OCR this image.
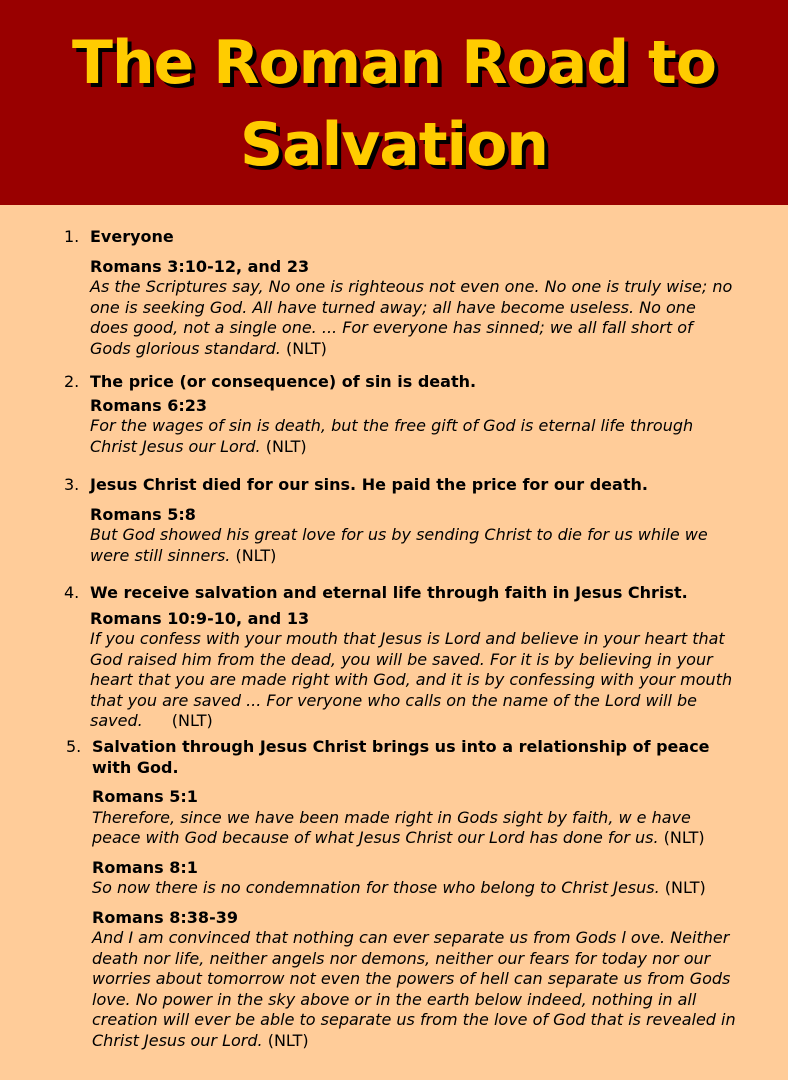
The Roman Road to
Salvation
1. Everyone
Romans 3:10-12, and 23
As the Scriptures say, No one is righteous not even one. No one is truly wise; no one is seeking God. All have turned away; all have become useless. No one does good, not a single one. ... For everyone has sinned; we all fall short of Gods glorious standard. (NLT)
2. The price (or consequence) of sin is death.
Romans 6:23
For the wages of sin is death, but the free gift of God is eternal life through Christ Jesus our Lord. (NLT)
3. Jesus Christ died for our sins. He paid the price for our death.
Romans 5:8
But God showed his great love for us by sending Christ to die for us while we were still sinners. (NLT)
4. We receive salvation and eternal life through faith in Jesus Christ.
Romans 10:9-10, and 13
If you confess with your mouth that Jesus is Lord and believe in your heart that God raised him from the dead, you will be saved. For it is by believing in your heart that you are made right with God, and it is by confessing with your mouth that you are saved ... For veryone who calls on the name of the Lord will be saved. (NLT)
5. Salvation through Jesus Christ brings us into a relationship of peace with God.
Romans 5:1
Therefore, since we have been made right in Gods sight by faith, w e have peace with God because of what Jesus Christ our Lord has done for us. (NLT)
Romans 8:1
So now there is no condemnation for those who belong to Christ Jesus. (NLT)
Romans 8:38-39
And I am convinced that nothing can ever separate us from Gods l ove. Neither death nor life, neither angels nor demons, neither our fears for today nor our worries about tomorrow not even the powers of hell can separate us from Gods love. No power in the sky above or in the earth below indeed, nothing in all creation will ever be able to separate us from the love of God that is revealed in Christ Jesus our Lord. (NLT)
